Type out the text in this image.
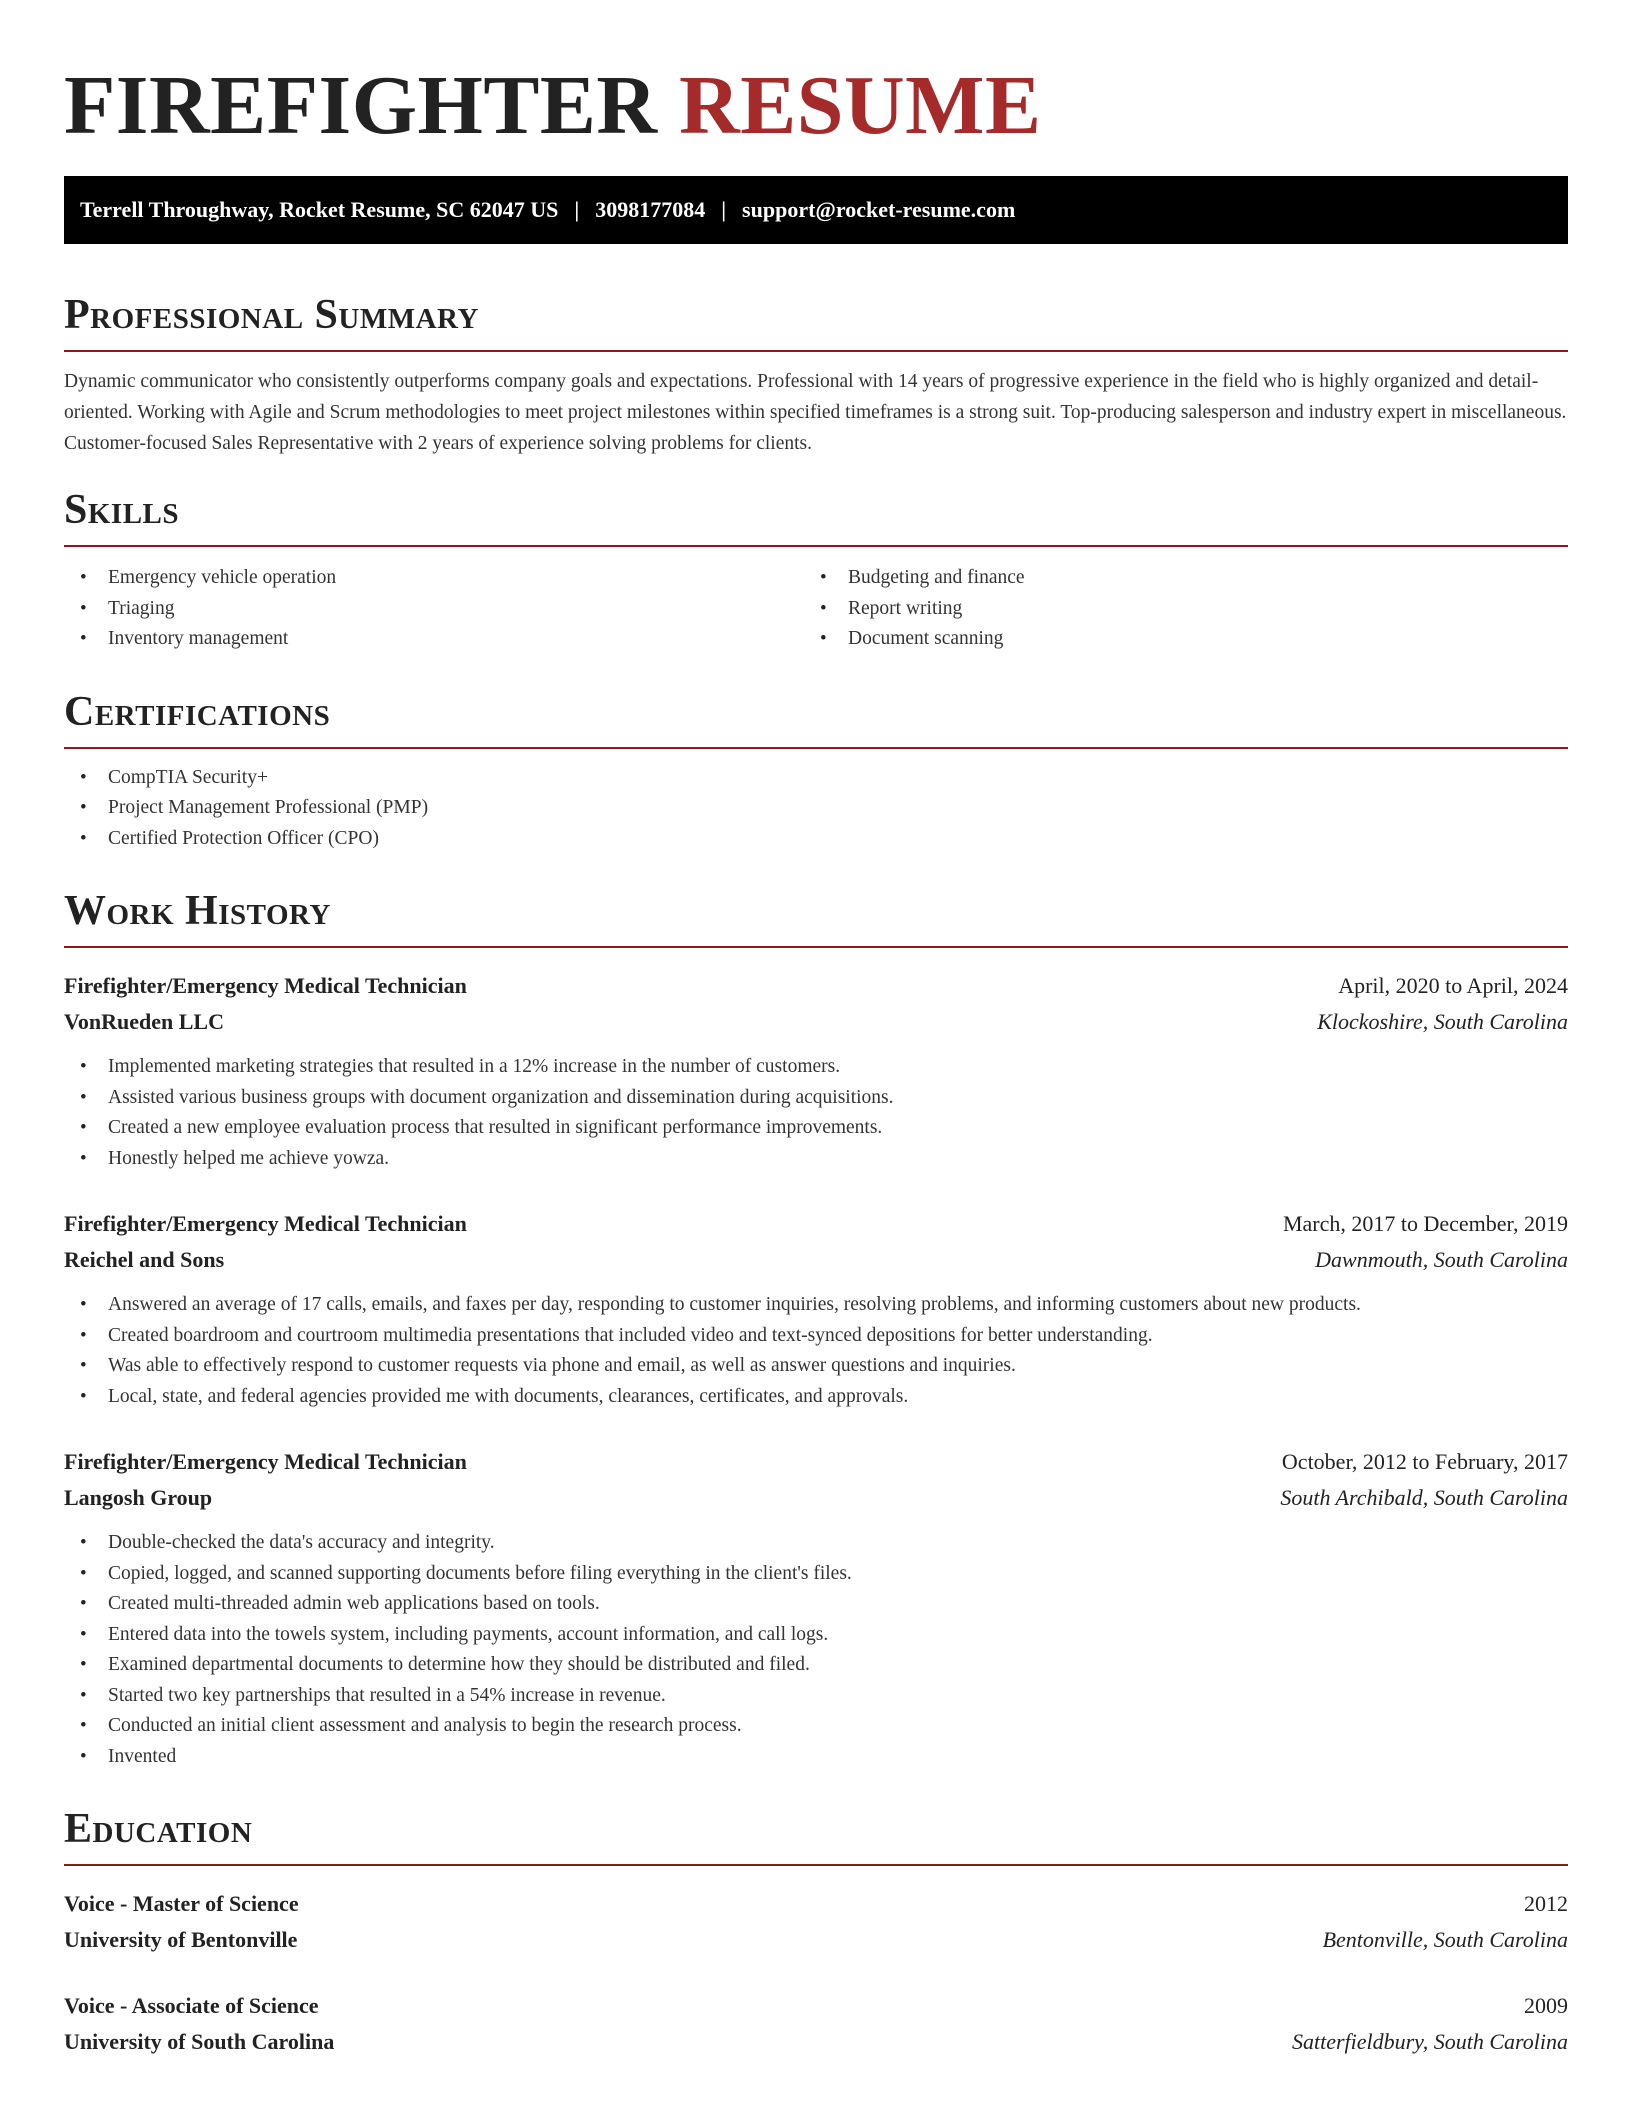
FIREFIGHTER RESUME
Terrell Throughway, Rocket Resume, SC 62047 US | 3098177084 | support@rocket-resume.com
Professional Summary

Dynamic communicator who consistently outperforms company goals and expectations. Professional with 14 years of progressive experience in the field who is highly organized and detail-oriented. Working with Agile and Scrum methodologies to meet project milestones within specified timeframes is a strong suit. Top-producing salesperson and industry expert in miscellaneous. Customer-focused Sales Representative with 2 years of experience solving problems for clients.

Skills
• Emergency vehicle operation
• Triaging
• Inventory management
• Budgeting and finance
• Report writing
• Document scanning
Certifications
• CompTIA Security+
• Project Management Professional (PMP)
• Certified Protection Officer (CPO)
Work History
Firefighter/Emergency Medical Technician	April, 2020 to April, 2024
VonRueden LLC	Klockoshire, South Carolina
• Implemented marketing strategies that resulted in a 12% increase in the number of customers.
• Assisted various business groups with document organization and dissemination during acquisitions.
• Created a new employee evaluation process that resulted in significant performance improvements.
• Honestly helped me achieve yowza.
Firefighter/Emergency Medical Technician	March, 2017 to December, 2019
Reichel and Sons	Dawnmouth, South Carolina
• Answered an average of 17 calls, emails, and faxes per day, responding to customer inquiries, resolving problems, and informing customers about new products.
• Created boardroom and courtroom multimedia presentations that included video and text-synced depositions for better understanding.
• Was able to effectively respond to customer requests via phone and email, as well as answer questions and inquiries.
• Local, state, and federal agencies provided me with documents, clearances, certificates, and approvals.
Firefighter/Emergency Medical Technician	October, 2012 to February, 2017
Langosh Group	South Archibald, South Carolina
• Double-checked the data's accuracy and integrity.
• Copied, logged, and scanned supporting documents before filing everything in the client's files.
• Created multi-threaded admin web applications based on tools.
• Entered data into the towels system, including payments, account information, and call logs.
• Examined departmental documents to determine how they should be distributed and filed.
• Started two key partnerships that resulted in a 54% increase in revenue.
• Conducted an initial client assessment and analysis to begin the research process.
• Invented
Education
Voice - Master of Science	2012
University of Bentonville	Bentonville, South Carolina
Voice - Associate of Science	2009
University of South Carolina	Satterfieldbury, South Carolina
